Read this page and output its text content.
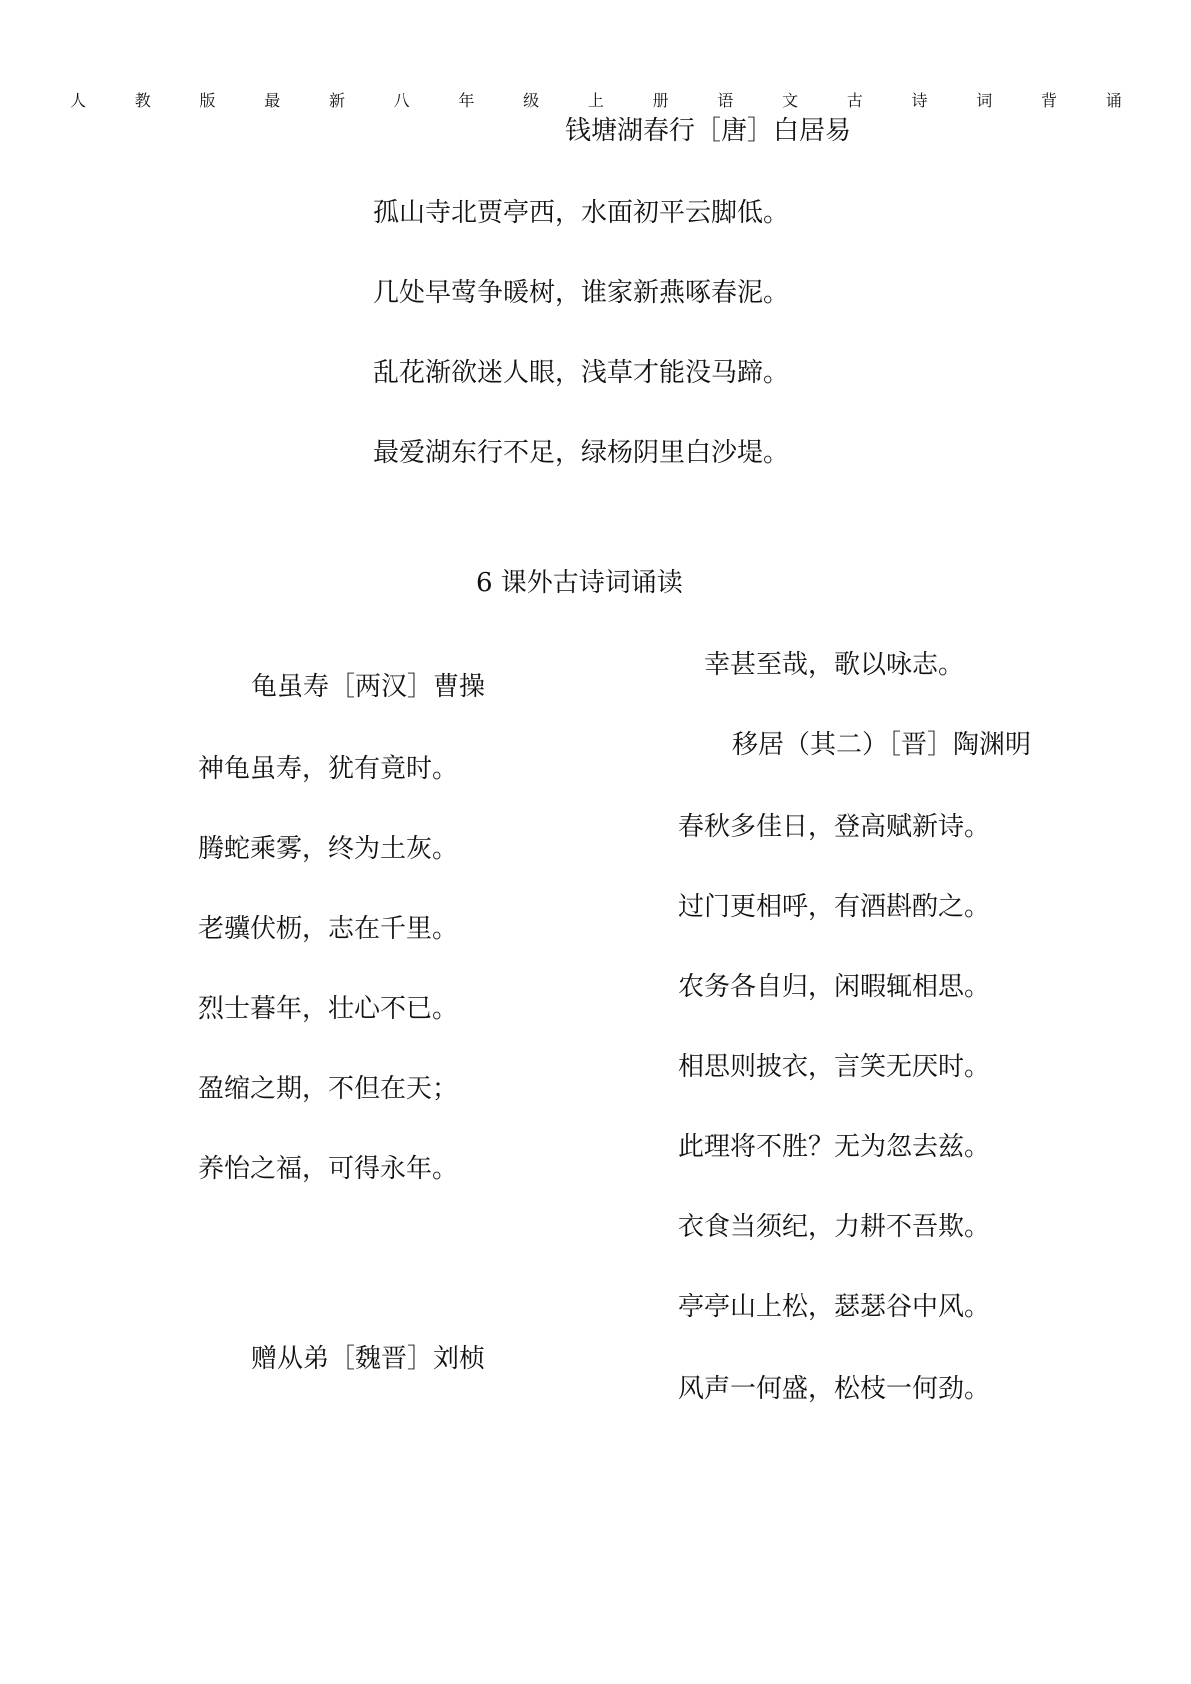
人	教	版	最	新	八	年	级	上	册	语	文	古	诗	词	背	诵
钱塘湖春行［唐］白居易
孤山寺北贾亭西，水面初平云脚低。
几处早莺争暖树，谁家新燕啄春泥。
乱花渐欲迷人眼，浅草才能没马蹄。
最爱湖东行不足，绿杨阴里白沙堤。
6 课外古诗词诵读
龟虽寿［两汉］曹操
神龟虽寿，犹有竟时。
腾蛇乘雾，终为土灰。
老骥伏枥，志在千里。
烈士暮年，壮心不已。
盈缩之期，不但在天；
养怡之福，可得永年。
赠从弟［魏晋］刘桢
幸甚至哉，歌以咏志。
移居（其二）［晋］陶渊明
春秋多佳日，登高赋新诗。
过门更相呼，有酒斟酌之。
农务各自归，闲暇辄相思。
相思则披衣，言笑无厌时。
此理将不胜？无为忽去兹。
衣食当须纪，力耕不吾欺。
亭亭山上松，瑟瑟谷中风。
风声一何盛，松枝一何劲。
